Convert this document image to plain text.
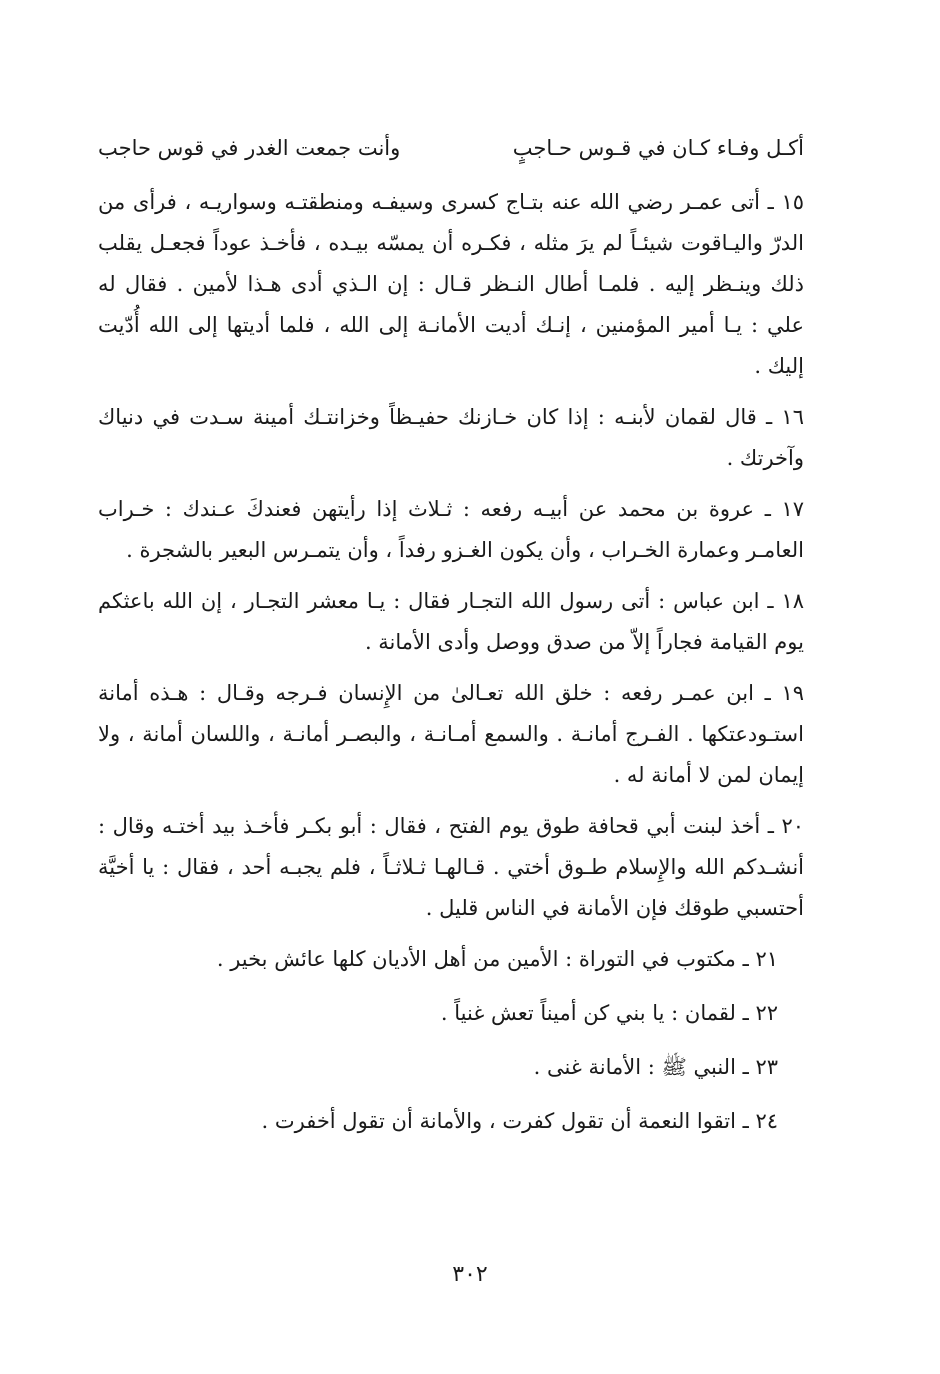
أكـل وفـاء كـان في قـوس حـاجبٍ
وأنت جمعت الغدر في قوس حاجب

١٥ ـ أتى عمـر رضي الله عنه بتـاج كسرى وسيفـه ومنطقتـه وسواريـه ، فرأى من الدرّ واليـاقوت شيئـاً لم يرَ مثله ، فكـره أن يمسّه بيـده ، فأخـذ عوداً فجعـل يقلب ذلك وينـظر إليه . فلمـا أطال النـظر قـال : إن الـذي أدى هـذا لأمين . فقال له علي : يـا أمير المؤمنين ، إنـك أديت الأمانـة إلى الله ، فلما أديتها إلى الله أُدّيت إليك .

١٦ ـ قال لقمان لأبنـه : إذا كان خـازنك حفيـظاً وخزانتـك أمينة سـدت في دنياك وآخرتك .

١٧ ـ عروة بن محمد عن أبيـه رفعه : ثـلاث إذا رأيتهن فعندكَ عـندك : خـراب العامـر وعمارة الخـراب ، وأن يكون الغـزو رفداً ، وأن يتمـرس البعير بالشجرة .

١٨ ـ ابن عباس : أتى رسول الله التجـار فقال : يـا معشر التجـار ، إن الله باعثكم يوم القيامة فجاراً إلاّ من صدق ووصل وأدى الأمانة .

١٩ ـ ابن عمـر رفعه : خلق الله تعـالىٰ من الإِنسان فـرجه وقـال : هـذه أمانة استـودعتكها . الفـرج أمانـة . والسمع أمـانـة ، والبصـر أمانـة ، واللسان أمانة ، ولا إيمان لمن لا أمانة له .

٢٠ ـ أخذ لبنت أبي قحافة طوق يوم الفتح ، فقال : أبو بكـر فأخـذ بيد أختـه وقال : أنشـدكم الله والإِسلام طـوق أختي . قـالهـا ثـلاثـاً ، فلم يجبـه أحد ، فقال : يا أخيَّة أحتسبي طوقك فإن الأمانة في الناس قليل .

٢١ ـ مكتوب في التوراة : الأمين من أهل الأديان كلها عائش بخير .
٢٢ ـ لقمان : يا بني كن أميناً تعش غنياً .
٢٣ ـ النبي ﷺ : الأمانة غنى .
٢٤ ـ اتقوا النعمة أن تقول كفرت ، والأمانة أن تقول أخفرت .
٣٠٢
